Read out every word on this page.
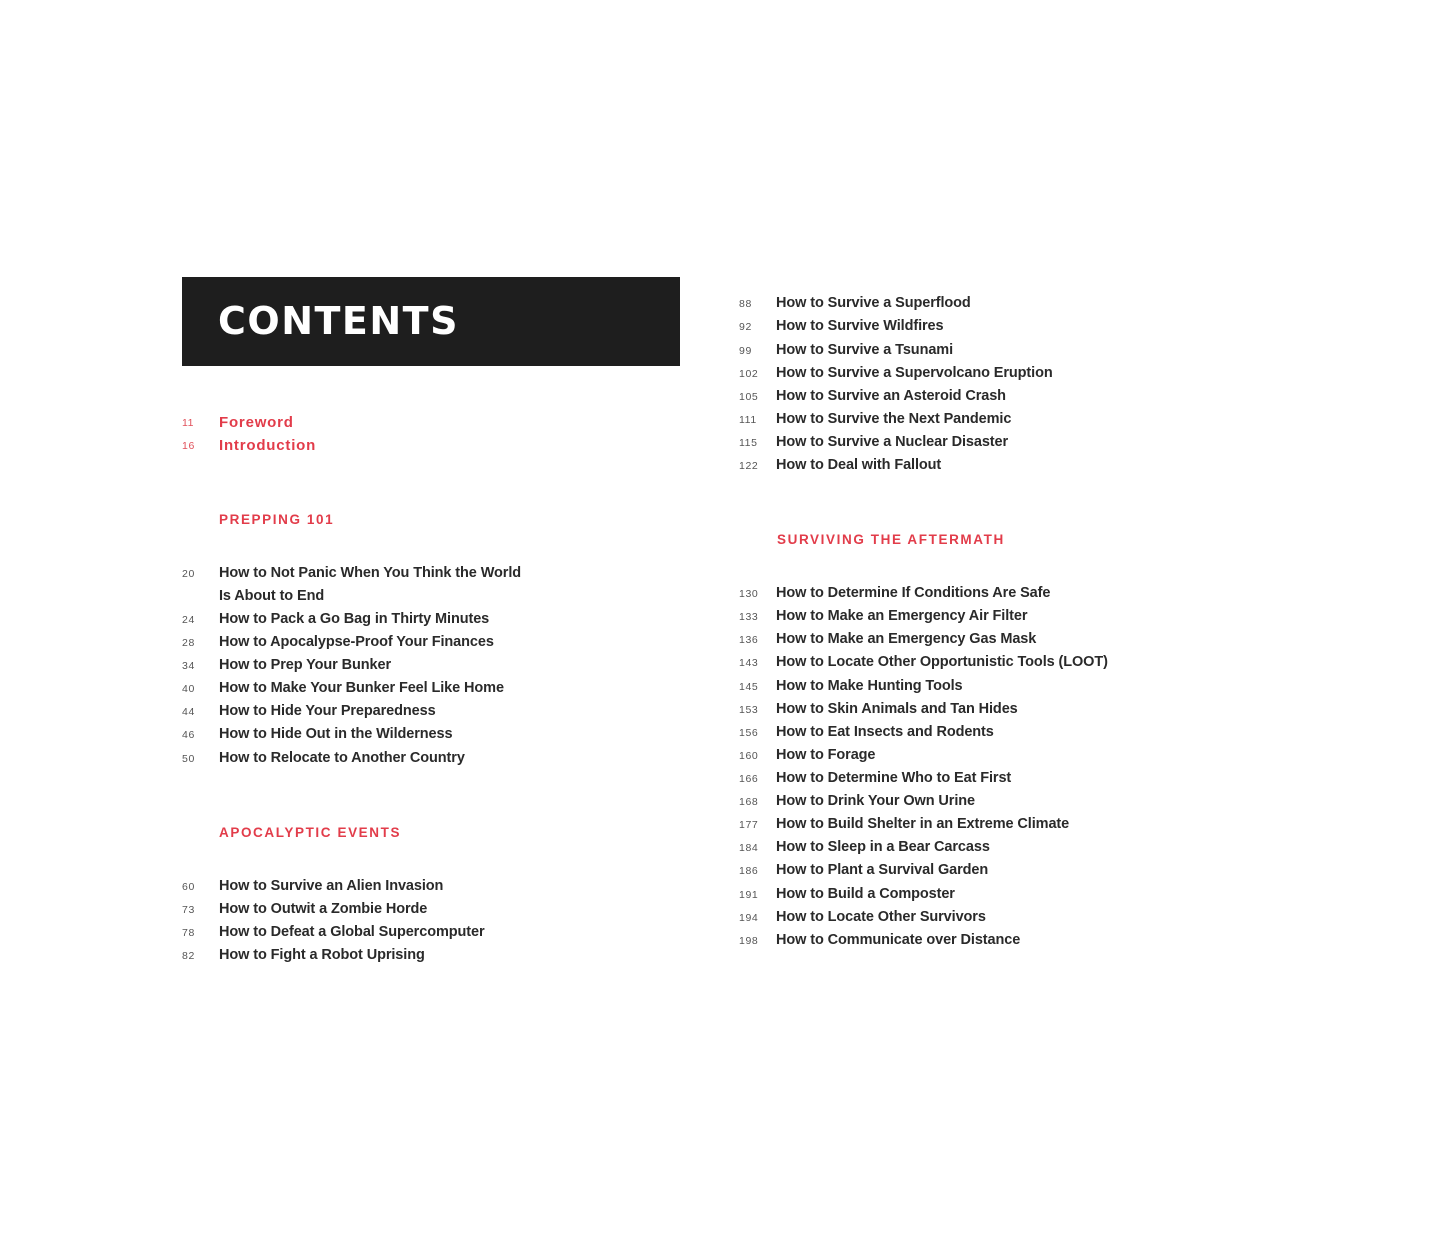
CONTENTS
11 Foreword
16 Introduction
PREPPING 101
20 How to Not Panic When You Think the World
Is About to End
24 How to Pack a Go Bag in Thirty Minutes
28 How to Apocalypse-Proof Your Finances
34 How to Prep Your Bunker
40 How to Make Your Bunker Feel Like Home
44 How to Hide Your Preparedness
46 How to Hide Out in the Wilderness
50 How to Relocate to Another Country
APOCALYPTIC EVENTS
60 How to Survive an Alien Invasion
73 How to Outwit a Zombie Horde
78 How to Defeat a Global Supercomputer
82 How to Fight a Robot Uprising
88 How to Survive a Superflood
92 How to Survive Wildfires
99 How to Survive a Tsunami
102 How to Survive a Supervolcano Eruption
105 How to Survive an Asteroid Crash
111 How to Survive the Next Pandemic
115 How to Survive a Nuclear Disaster
122 How to Deal with Fallout
SURVIVING THE AFTERMATH
130 How to Determine If Conditions Are Safe
133 How to Make an Emergency Air Filter
136 How to Make an Emergency Gas Mask
143 How to Locate Other Opportunistic Tools (LOOT)
145 How to Make Hunting Tools
153 How to Skin Animals and Tan Hides
156 How to Eat Insects and Rodents
160 How to Forage
166 How to Determine Who to Eat First
168 How to Drink Your Own Urine
177 How to Build Shelter in an Extreme Climate
184 How to Sleep in a Bear Carcass
186 How to Plant a Survival Garden
191 How to Build a Composter
194 How to Locate Other Survivors
198 How to Communicate over Distance
